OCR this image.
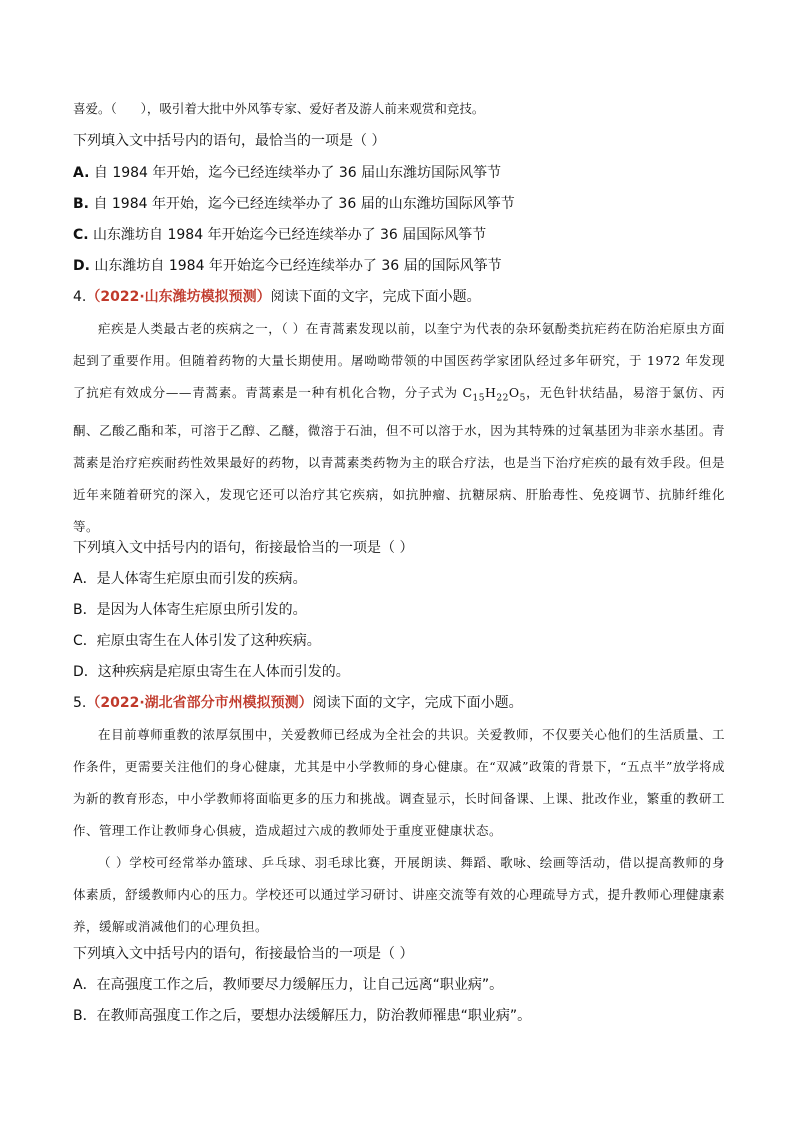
喜爱。（ ），吸引着大批中外风筝专家、爱好者及游人前来观赏和竞技。
下列填入文中括号内的语句，最恰当的一项是（ ）
A. 自 1984 年开始，迄今已经连续举办了 36 届山东潍坊国际风筝节
B. 自 1984 年开始，迄今已经连续举办了 36 届的山东潍坊国际风筝节
C. 山东潍坊自 1984 年开始迄今已经连续举办了 36 届国际风筝节
D. 山东潍坊自 1984 年开始迄今已经连续举办了 36 届的国际风筝节
4.（2022·山东潍坊模拟预测）阅读下面的文字，完成下面小题。

疟疾是人类最古老的疾病之一，（ ）在青蒿素发现以前，以奎宁为代表的杂环氨酚类抗疟药在防治疟原虫方面起到了重要作用。但随着药物的大量长期使用。屠呦呦带领的中国医药学家团队经过多年研究，于 1972 年发现了抗疟有效成分——青蒿素。青蒿素是一种有机化合物，分子式为 $C_{15}H_{22}O_5$，无色针状结晶，易溶于氯仿、丙酮、乙酸乙酯和苯，可溶于乙醇、乙醚，微溶于石油，但不可以溶于水，因为其特殊的过氧基团为非亲水基团。青蒿素是治疗疟疾耐药性效果最好的药物，以青蒿素类药物为主的联合疗法，也是当下治疗疟疾的最有效手段。但是近年来随着研究的深入，发现它还可以治疗其它疾病，如抗肿瘤、抗糖尿病、肝胎毒性、免疫调节、抗肺纤维化等。

下列填入文中括号内的语句，衔接最恰当的一项是（ ）
A．是人体寄生疟原虫而引发的疾病。
B．是因为人体寄生疟原虫所引发的。
C．疟原虫寄生在人体引发了这种疾病。
D．这种疾病是疟原虫寄生在人体而引发的。
5.（2022·湖北省部分市州模拟预测）阅读下面的文字，完成下面小题。

在目前尊师重教的浓厚氛围中，关爱教师已经成为全社会的共识。关爱教师，不仅要关心他们的生活质量、工作条件，更需要关注他们的身心健康，尤其是中小学教师的身心健康。在“双减”政策的背景下，“五点半”放学将成为新的教育形态，中小学教师将面临更多的压力和挑战。调查显示，长时间备课、上课、批改作业，繁重的教研工作、管理工作让教师身心俱疲，造成超过六成的教师处于重度亚健康状态。

（ ）学校可经常举办篮球、乒乓球、羽毛球比赛，开展朗读、舞蹈、歌咏、绘画等活动，借以提高教师的身体素质，舒缓教师内心的压力。学校还可以通过学习研讨、讲座交流等有效的心理疏导方式，提升教师心理健康素养，缓解或消减他们的心理负担。

下列填入文中括号内的语句，衔接最恰当的一项是（ ）
A．在高强度工作之后，教师要尽力缓解压力，让自己远离“职业病”。
B．在教师高强度工作之后，要想办法缓解压力，防治教师罹患“职业病”。
